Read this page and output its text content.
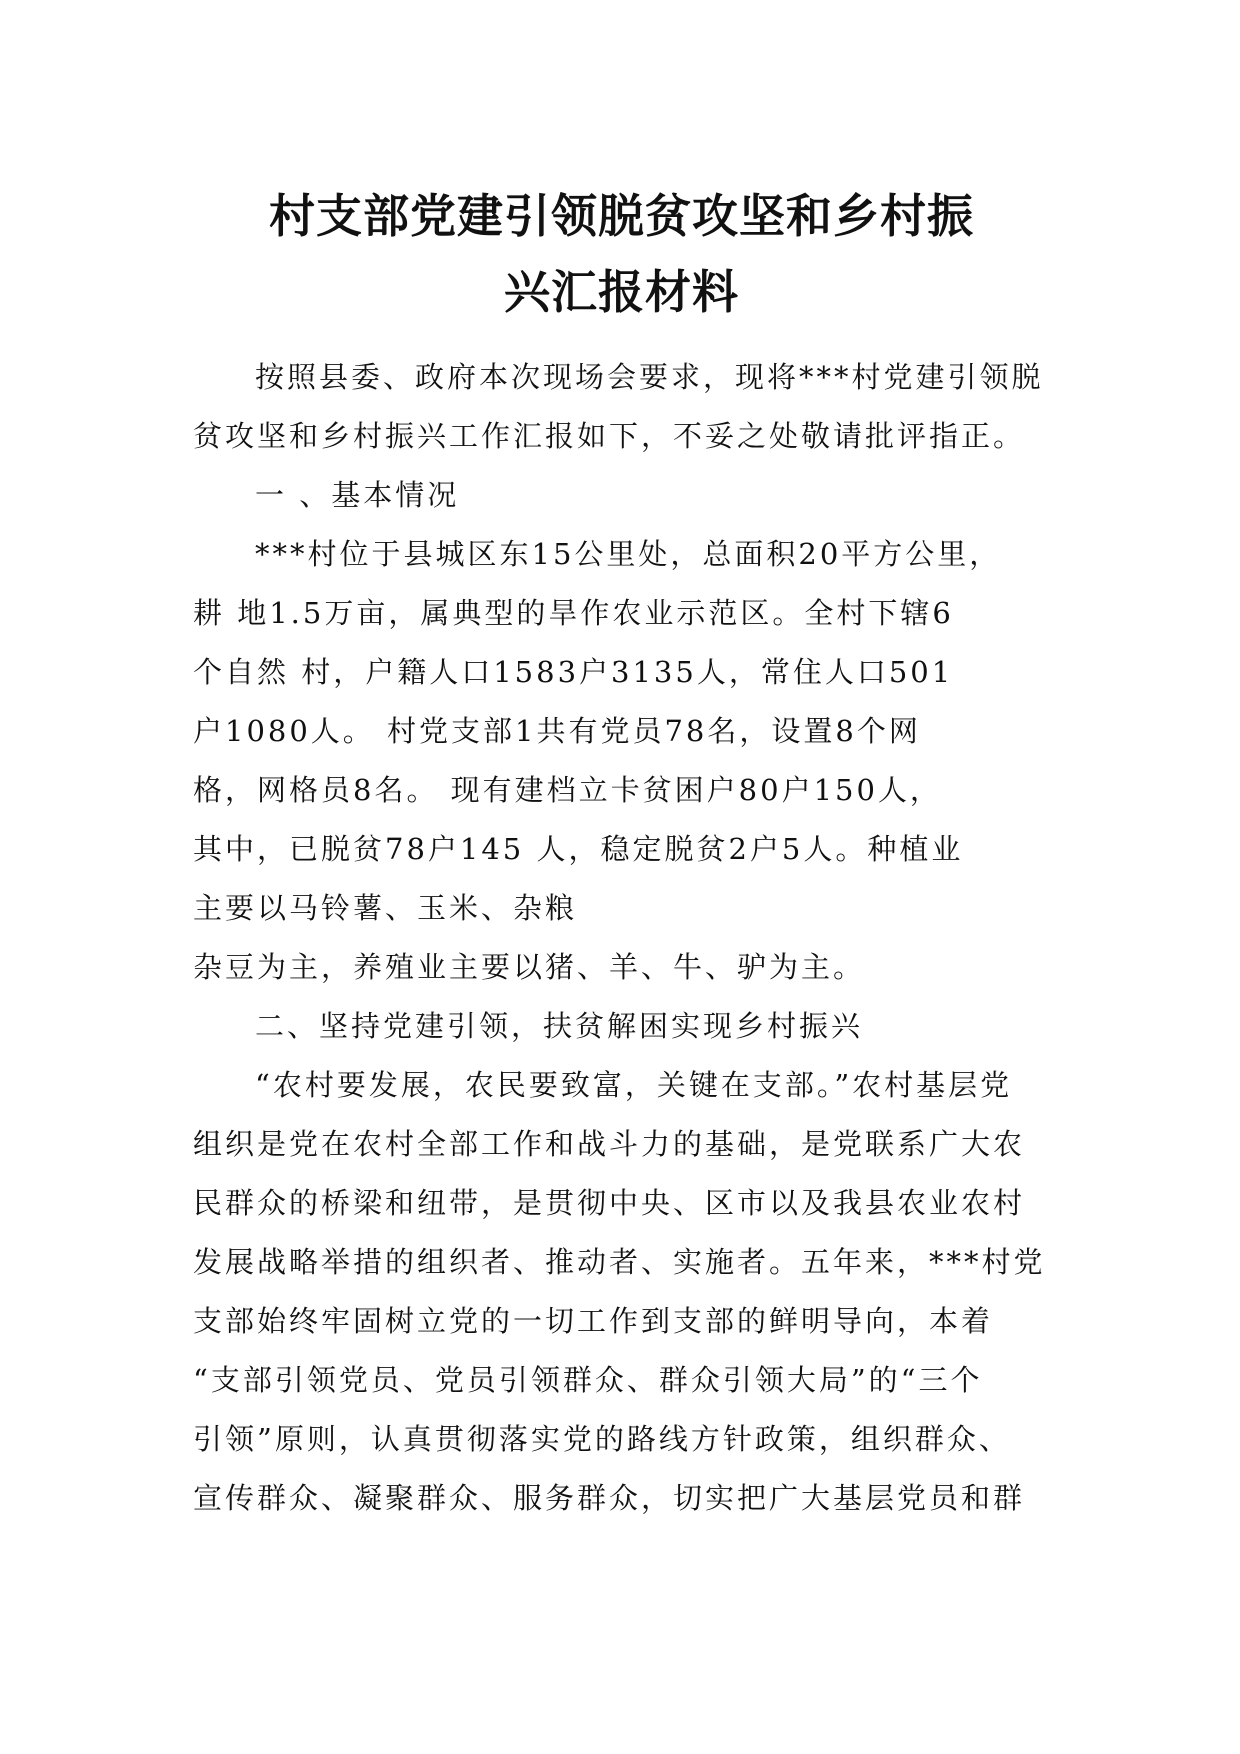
村支部党建引领脱贫攻坚和乡村振
兴汇报材料

按照县委、政府本次现场会要求，现将***村党建引领脱

贫攻坚和乡村振兴工作汇报如下，不妥之处敬请批评指正。

一 、基本情况

***村位于县城区东15公里处，总面积20平方公里，

耕 地1.5万亩，属典型的旱作农业示范区。全村下辖6

个自然 村，户籍人口1583户3135人，常住人口501

户1080人。 村党支部1共有党员78名，设置8个网

格，网格员8名。 现有建档立卡贫困户80户150人，

其中，已脱贫78户145 人，稳定脱贫2户5人。种植业

主要以马铃薯、玉米、杂粮

杂豆为主，养殖业主要以猪、羊、牛、驴为主。

二、坚持党建引领，扶贫解困实现乡村振兴

“农村要发展，农民要致富，关键在支部。”农村基层党

组织是党在农村全部工作和战斗力的基础，是党联系广大农

民群众的桥梁和纽带，是贯彻中央、区市以及我县农业农村

发展战略举措的组织者、推动者、实施者。五年来，***村党

支部始终牢固树立党的一切工作到支部的鲜明导向，本着

“支部引领党员、党员引领群众、群众引领大局”的“三个

引领”原则，认真贯彻落实党的路线方针政策，组织群众、

宣传群众、凝聚群众、服务群众，切实把广大基层党员和群
